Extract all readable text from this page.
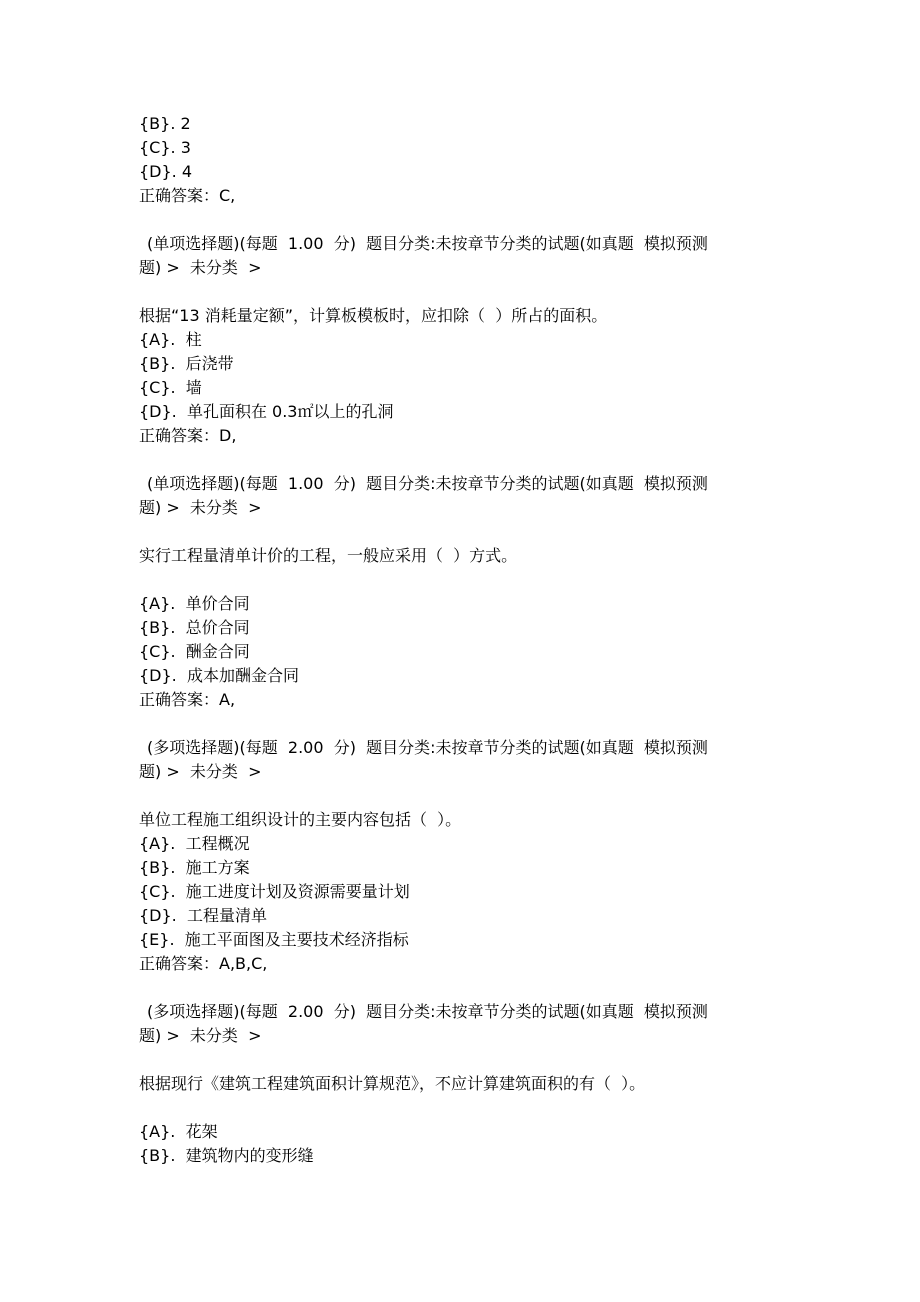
{B}. 2
{C}. 3
{D}. 4
正确答案：C,
(单项选择题)(每题  1.00  分)  题目分类:未按章节分类的试题(如真题  模拟预测
题) >  未分类  >
根据“13 消耗量定额”，计算板模板时，应扣除（  ）所占的面积。
{A}.  柱
{B}.  后浇带
{C}.  墙
{D}.  单孔面积在 0.3㎡以上的孔洞
正确答案：D,
(单项选择题)(每题  1.00  分)  题目分类:未按章节分类的试题(如真题  模拟预测
题) >  未分类  >
实行工程量清单计价的工程，一般应采用（  ）方式。
{A}.  单价合同
{B}.  总价合同
{C}.  酬金合同
{D}.  成本加酬金合同
正确答案：A,
(多项选择题)(每题  2.00  分)  题目分类:未按章节分类的试题(如真题  模拟预测
题) >  未分类  >
单位工程施工组织设计的主要内容包括（  ）。
{A}.  工程概况
{B}.  施工方案
{C}.  施工进度计划及资源需要量计划
{D}.  工程量清单
{E}.  施工平面图及主要技术经济指标
正确答案：A,B,C,
(多项选择题)(每题  2.00  分)  题目分类:未按章节分类的试题(如真题  模拟预测
题) >  未分类  >
根据现行《建筑工程建筑面积计算规范》，不应计算建筑面积的有（  ）。
{A}.  花架
{B}.  建筑物内的变形缝
